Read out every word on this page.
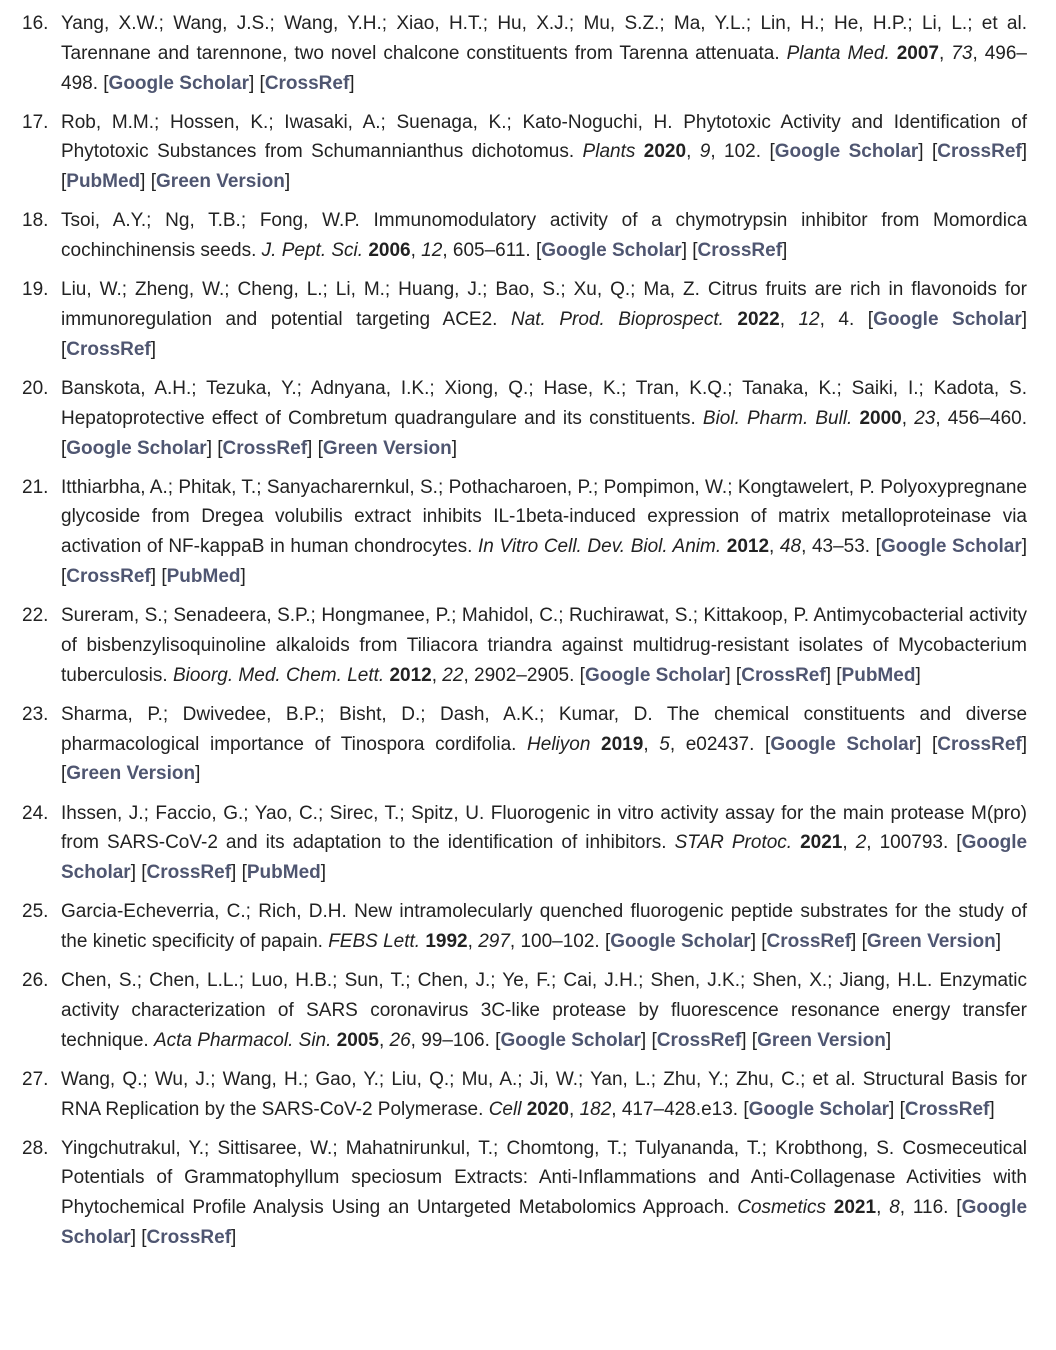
16. Yang, X.W.; Wang, J.S.; Wang, Y.H.; Xiao, H.T.; Hu, X.J.; Mu, S.Z.; Ma, Y.L.; Lin, H.; He, H.P.; Li, L.; et al. Tarennane and tarennone, two novel chalcone constituents from Tarenna attenuata. Planta Med. 2007, 73, 496–498. [Google Scholar] [CrossRef]
17. Rob, M.M.; Hossen, K.; Iwasaki, A.; Suenaga, K.; Kato-Noguchi, H. Phytotoxic Activity and Identification of Phytotoxic Substances from Schumannianthus dichotomus. Plants 2020, 9, 102. [Google Scholar] [CrossRef] [PubMed] [Green Version]
18. Tsoi, A.Y.; Ng, T.B.; Fong, W.P. Immunomodulatory activity of a chymotrypsin inhibitor from Momordica cochinchinensis seeds. J. Pept. Sci. 2006, 12, 605–611. [Google Scholar] [CrossRef]
19. Liu, W.; Zheng, W.; Cheng, L.; Li, M.; Huang, J.; Bao, S.; Xu, Q.; Ma, Z. Citrus fruits are rich in flavonoids for immunoregulation and potential targeting ACE2. Nat. Prod. Bioprospect. 2022, 12, 4. [Google Scholar] [CrossRef]
20. Banskota, A.H.; Tezuka, Y.; Adnyana, I.K.; Xiong, Q.; Hase, K.; Tran, K.Q.; Tanaka, K.; Saiki, I.; Kadota, S. Hepatoprotective effect of Combretum quadrangulare and its constituents. Biol. Pharm. Bull. 2000, 23, 456–460. [Google Scholar] [CrossRef] [Green Version]
21. Itthiarbha, A.; Phitak, T.; Sanyacharernkul, S.; Pothacharoen, P.; Pompimon, W.; Kongtawelert, P. Polyoxypregnane glycoside from Dregea volubilis extract inhibits IL-1beta-induced expression of matrix metalloproteinase via activation of NF-kappaB in human chondrocytes. In Vitro Cell. Dev. Biol. Anim. 2012, 48, 43–53. [Google Scholar] [CrossRef] [PubMed]
22. Sureram, S.; Senadeera, S.P.; Hongmanee, P.; Mahidol, C.; Ruchirawat, S.; Kittakoop, P. Antimycobacterial activity of bisbenzylisoquinoline alkaloids from Tiliacora triandra against multidrug-resistant isolates of Mycobacterium tuberculosis. Bioorg. Med. Chem. Lett. 2012, 22, 2902–2905. [Google Scholar] [CrossRef] [PubMed]
23. Sharma, P.; Dwivedee, B.P.; Bisht, D.; Dash, A.K.; Kumar, D. The chemical constituents and diverse pharmacological importance of Tinospora cordifolia. Heliyon 2019, 5, e02437. [Google Scholar] [CrossRef] [Green Version]
24. Ihssen, J.; Faccio, G.; Yao, C.; Sirec, T.; Spitz, U. Fluorogenic in vitro activity assay for the main protease M(pro) from SARS-CoV-2 and its adaptation to the identification of inhibitors. STAR Protoc. 2021, 2, 100793. [Google Scholar] [CrossRef] [PubMed]
25. Garcia-Echeverria, C.; Rich, D.H. New intramolecularly quenched fluorogenic peptide substrates for the study of the kinetic specificity of papain. FEBS Lett. 1992, 297, 100–102. [Google Scholar] [CrossRef] [Green Version]
26. Chen, S.; Chen, L.L.; Luo, H.B.; Sun, T.; Chen, J.; Ye, F.; Cai, J.H.; Shen, J.K.; Shen, X.; Jiang, H.L. Enzymatic activity characterization of SARS coronavirus 3C-like protease by fluorescence resonance energy transfer technique. Acta Pharmacol. Sin. 2005, 26, 99–106. [Google Scholar] [CrossRef] [Green Version]
27. Wang, Q.; Wu, J.; Wang, H.; Gao, Y.; Liu, Q.; Mu, A.; Ji, W.; Yan, L.; Zhu, Y.; Zhu, C.; et al. Structural Basis for RNA Replication by the SARS-CoV-2 Polymerase. Cell 2020, 182, 417–428.e13. [Google Scholar] [CrossRef]
28. Yingchutrakul, Y.; Sittisaree, W.; Mahatnirunkul, T.; Chomtong, T.; Tulyananda, T.; Krobthong, S. Cosmeceutical Potentials of Grammatophyllum speciosum Extracts: Anti-Inflammations and Anti-Collagenase Activities with Phytochemical Profile Analysis Using an Untargeted Metabolomics Approach. Cosmetics 2021, 8, 116. [Google Scholar] [CrossRef]
